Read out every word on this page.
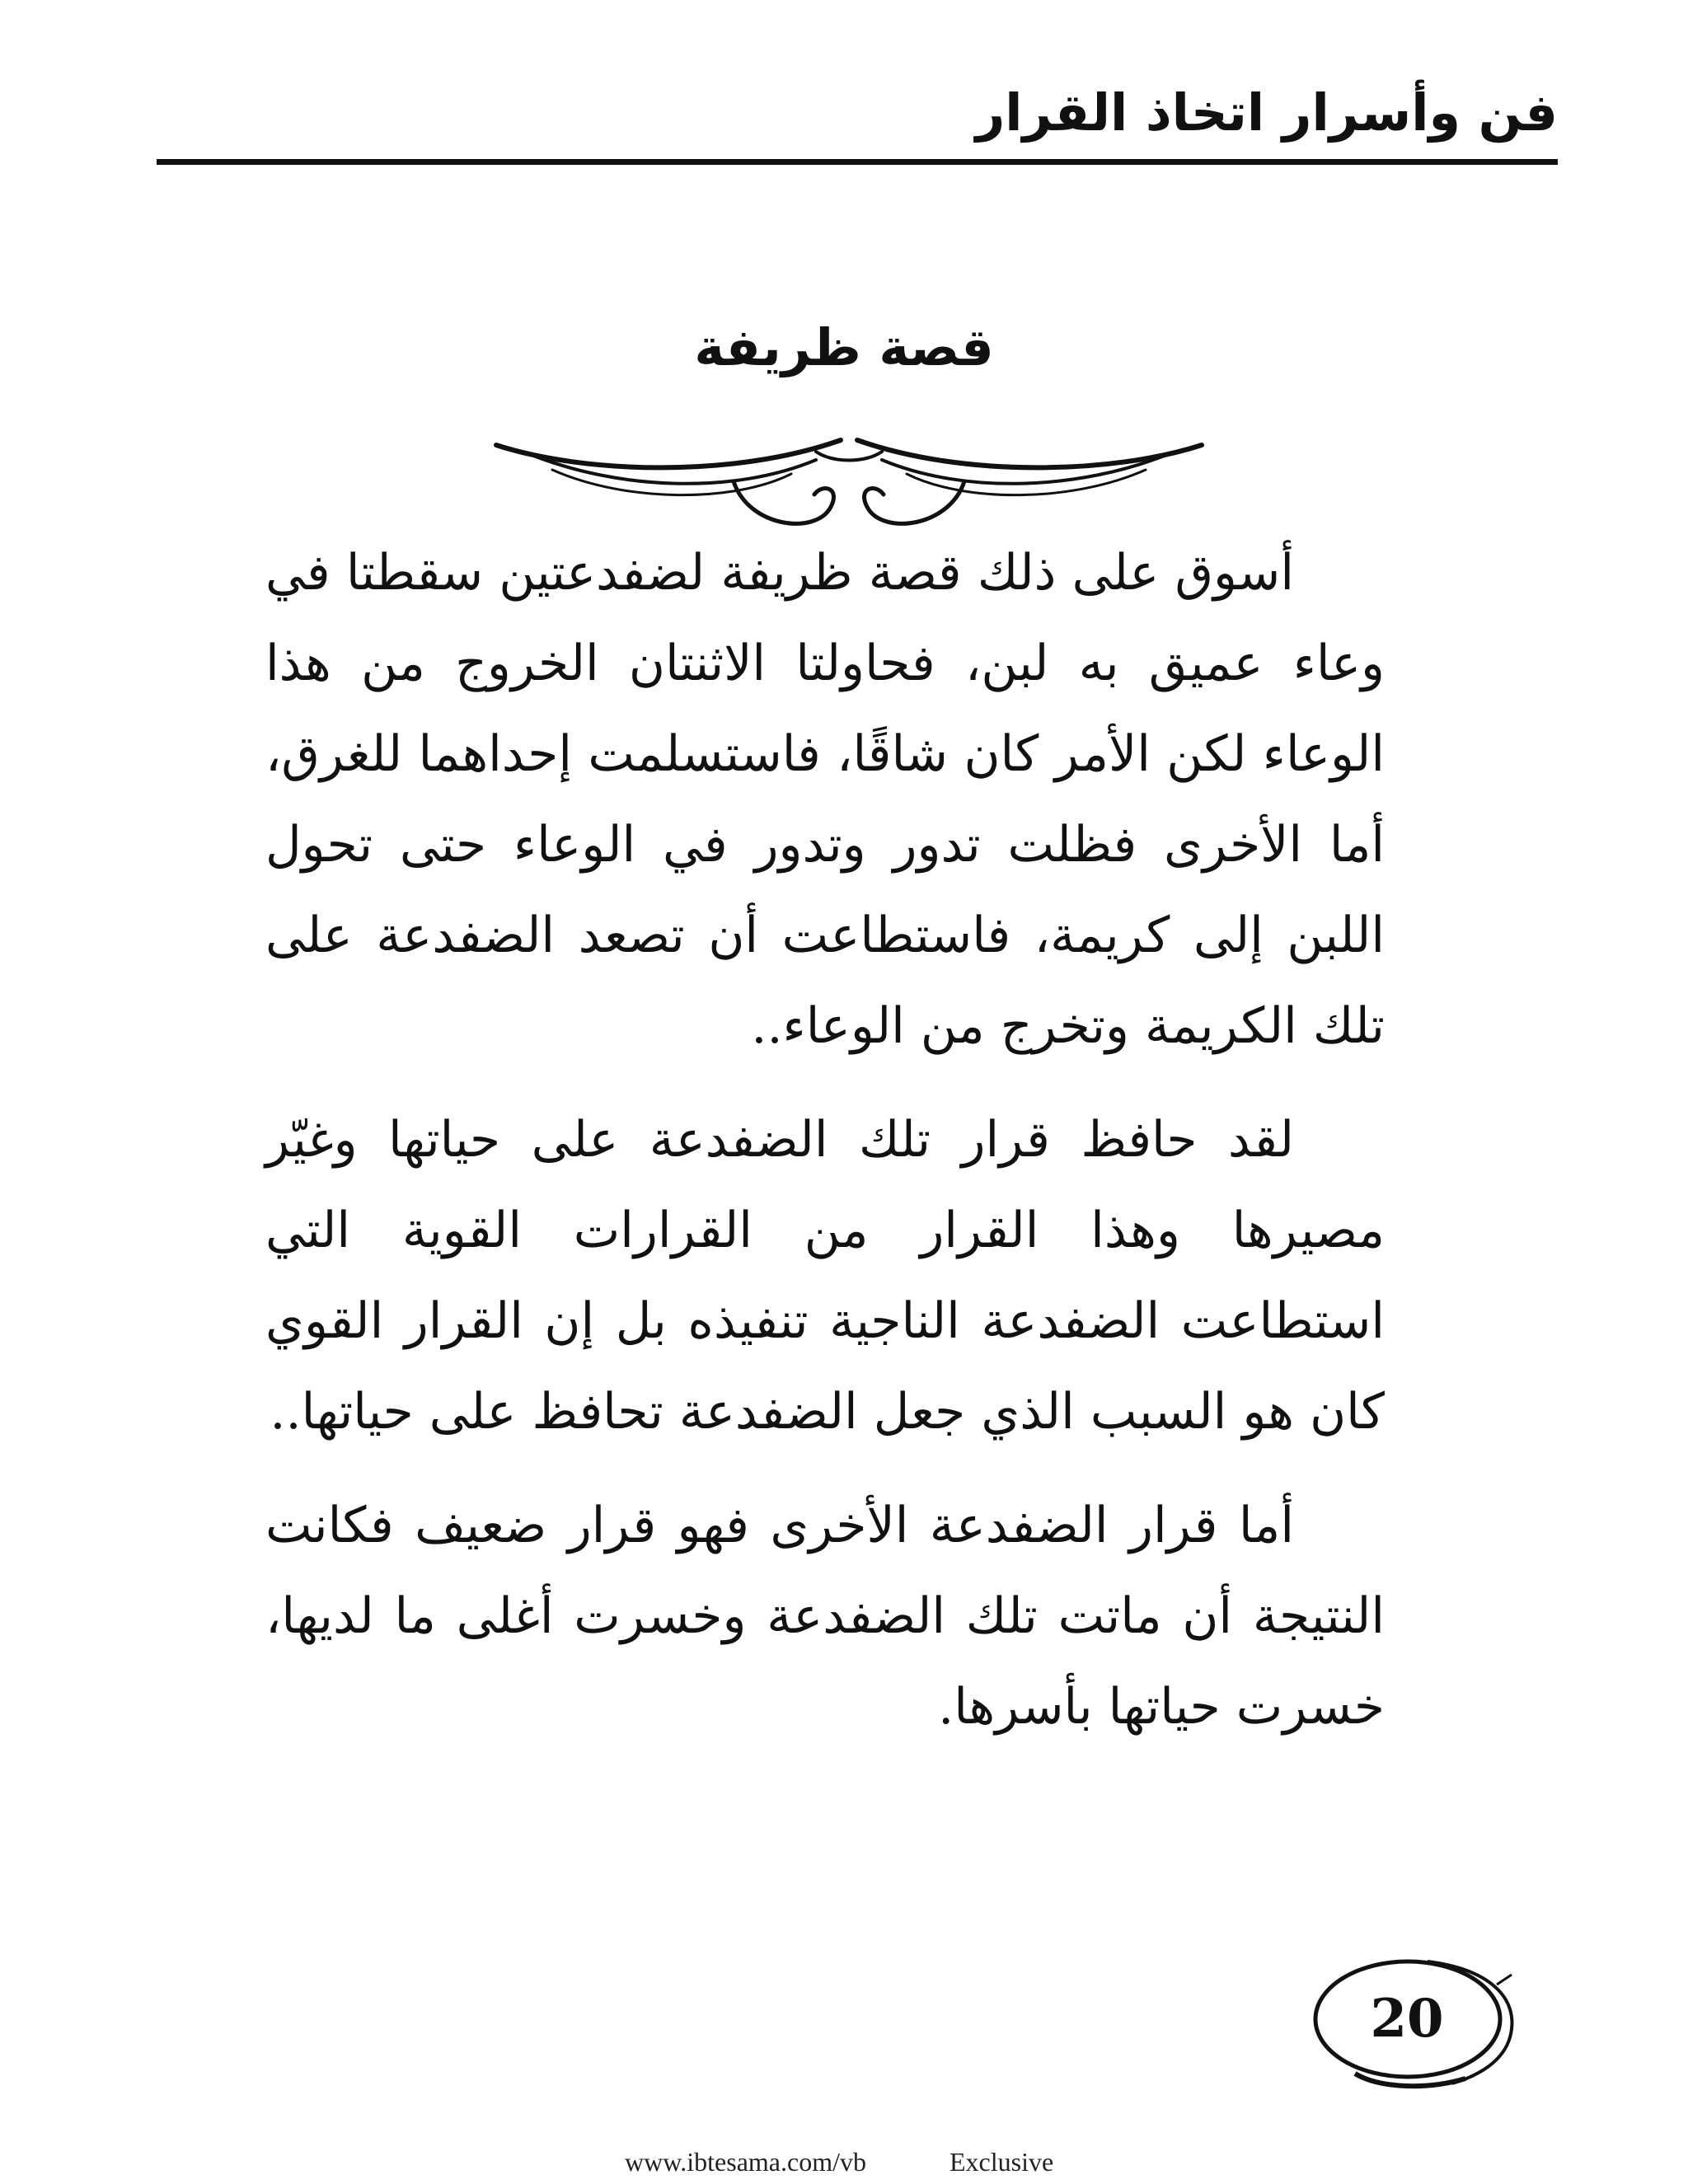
فن وأسرار اتخاذ القرار
قصة ظريفة

أسوق على ذلك قصة ظريفة لضفدعتين سقطتا في وعاء عميق به لبن، فحاولتا الاثنتان الخروج من هذا الوعاء لكن الأمر كان شاقًا، فاستسلمت إحداهما للغرق، أما الأخرى فظلت تدور وتدور في الوعاء حتى تحول اللبن إلى كريمة، فاستطاعت أن تصعد الضفدعة على تلك الكريمة وتخرج من الوعاء..

لقد حافظ قرار تلك الضفدعة على حياتها وغيّر مصيرها وهذا القرار من القرارات القوية التي استطاعت الضفدعة الناجية تنفيذه بل إن القرار القوي كان هو السبب الذي جعل الضفدعة تحافظ على حياتها..

أما قرار الضفدعة الأخرى فهو قرار ضعيف فكانت النتيجة أن ماتت تلك الضفدعة وخسرت أغلى ما لديها، خسرت حياتها بأسرها.

20
www.ibtesama.com/vb	Exclusive
